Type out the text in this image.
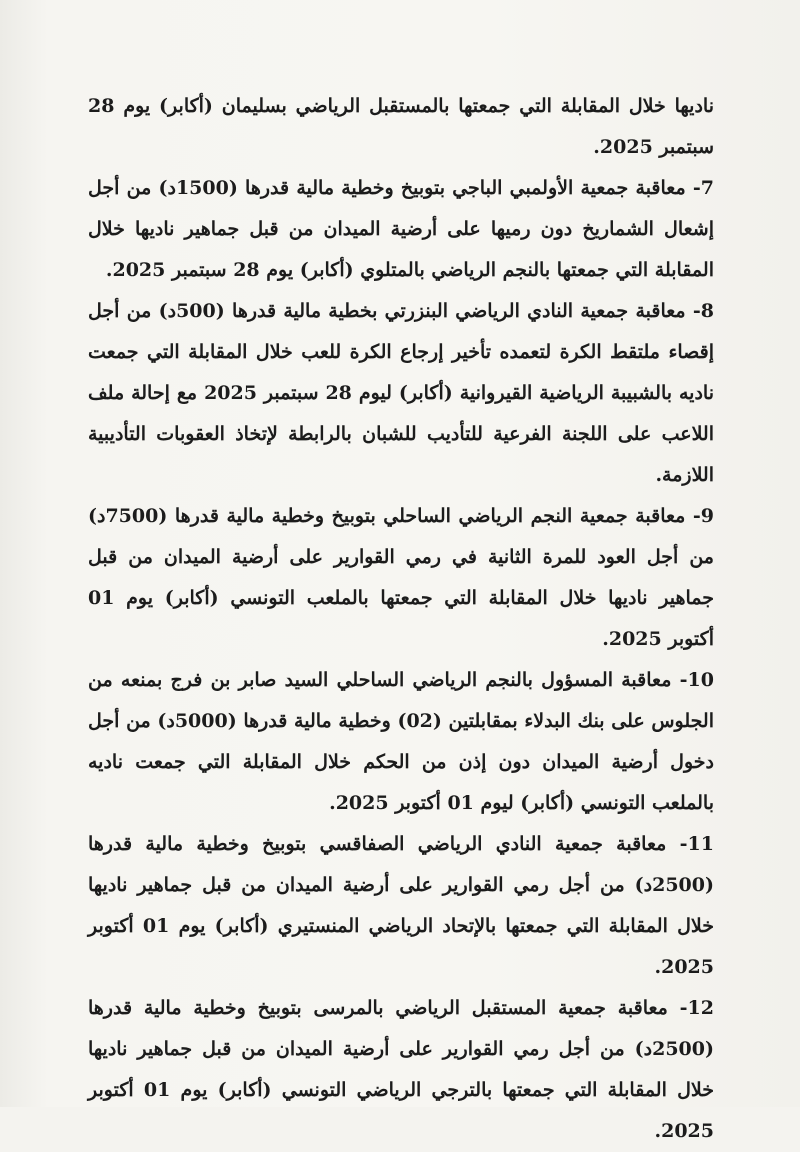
ناديها خلال المقابلة التي جمعتها بالمستقبل الرياضي بسليمان (أكابر) يوم 28 سبتمبر 2025.

7- معاقبة جمعية الأولمبي الباجي بتوبيخ وخطية مالية قدرها (1500د) من أجل إشعال الشماريخ دون رميها على أرضية الميدان من قبل جماهير ناديها خلال المقابلة التي جمعتها بالنجم الرياضي بالمتلوي (أكابر) يوم 28 سبتمبر 2025.

8- معاقبة جمعية النادي الرياضي البنزرتي بخطية مالية قدرها (500د) من أجل إقصاء ملتقط الكرة لتعمده تأخير إرجاع الكرة للعب خلال المقابلة التي جمعت ناديه بالشبيبة الرياضية القيروانية (أكابر) ليوم 28 سبتمبر 2025 مع إحالة ملف اللاعب على اللجنة الفرعية للتأديب للشبان بالرابطة لإتخاذ العقوبات التأديبية اللازمة.

9- معاقبة جمعية النجم الرياضي الساحلي بتوبيخ وخطية مالية قدرها (7500د) من أجل العود للمرة الثانية في رمي القوارير على أرضية الميدان من قبل جماهير ناديها خلال المقابلة التي جمعتها بالملعب التونسي (أكابر) يوم 01 أكتوبر 2025.

10- معاقبة المسؤول بالنجم الرياضي الساحلي السيد صابر بن فرج بمنعه من الجلوس على بنك البدلاء بمقابلتين (02) وخطية مالية قدرها (5000د) من أجل دخول أرضية الميدان دون إذن من الحكم خلال المقابلة التي جمعت ناديه بالملعب التونسي (أكابر) ليوم 01 أكتوبر 2025.

11- معاقبة جمعية النادي الرياضي الصفاقسي بتوبيخ وخطية مالية قدرها (2500د) من أجل رمي القوارير على أرضية الميدان من قبل جماهير ناديها خلال المقابلة التي جمعتها بالإتحاد الرياضي المنستيري (أكابر) يوم 01 أكتوبر 2025.

12- معاقبة جمعية المستقبل الرياضي بالمرسى بتوبيخ وخطية مالية قدرها (2500د) من أجل رمي القوارير على أرضية الميدان من قبل جماهير ناديها خلال المقابلة التي جمعتها بالترجي الرياضي التونسي (أكابر) يوم 01 أكتوبر 2025.
